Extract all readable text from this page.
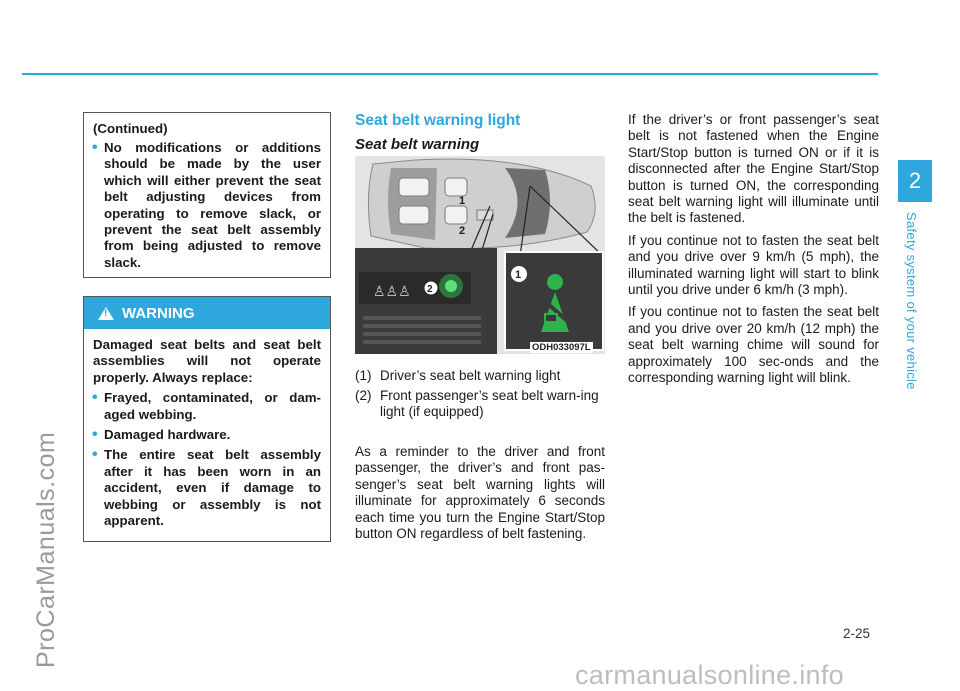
2
Safety system of your vehicle
ProCarManuals.com
(Continued)
• No modifications or additions should be made by the user which will either prevent the seat belt adjusting devices from operating to remove slack, or prevent the seat belt assembly from being adjusted to remove slack.
! WARNING
Damaged seat belts and seat belt assemblies will not operate properly. Always replace:
• Frayed, contaminated, or dam-aged webbing.
• Damaged hardware.
• The entire seat belt assembly after it has been worn in an accident, even if damage to webbing or assembly is not apparent.
Seat belt warning light
Seat belt warning
1
2
♙♙♙ 2
1
ODH033097L
(1) Driver’s seat belt warning light
(2) Front passenger’s seat belt warn-ing light (if equipped)
As a reminder to the driver and front passenger, the driver’s and front pas-senger’s seat belt warning lights will illuminate for approximately 6 seconds each time you turn the Engine Start/Stop button ON regardless of belt fastening.

If the driver’s or front passenger’s seat belt is not fastened when the Engine Start/Stop button is turned ON or if it is disconnected after the Engine Start/Stop button is turned ON, the corresponding seat belt warning light will illuminate until the belt is fastened.

If you continue not to fasten the seat belt and you drive over 9 km/h (5 mph), the illuminated warning light will start to blink until you drive under 6 km/h (3 mph).

If you continue not to fasten the seat belt and you drive over 20 km/h (12 mph) the seat belt warning chime will sound for approximately 100 sec-onds and the corresponding warning light will blink.

2-25
carmanualsonline.info
